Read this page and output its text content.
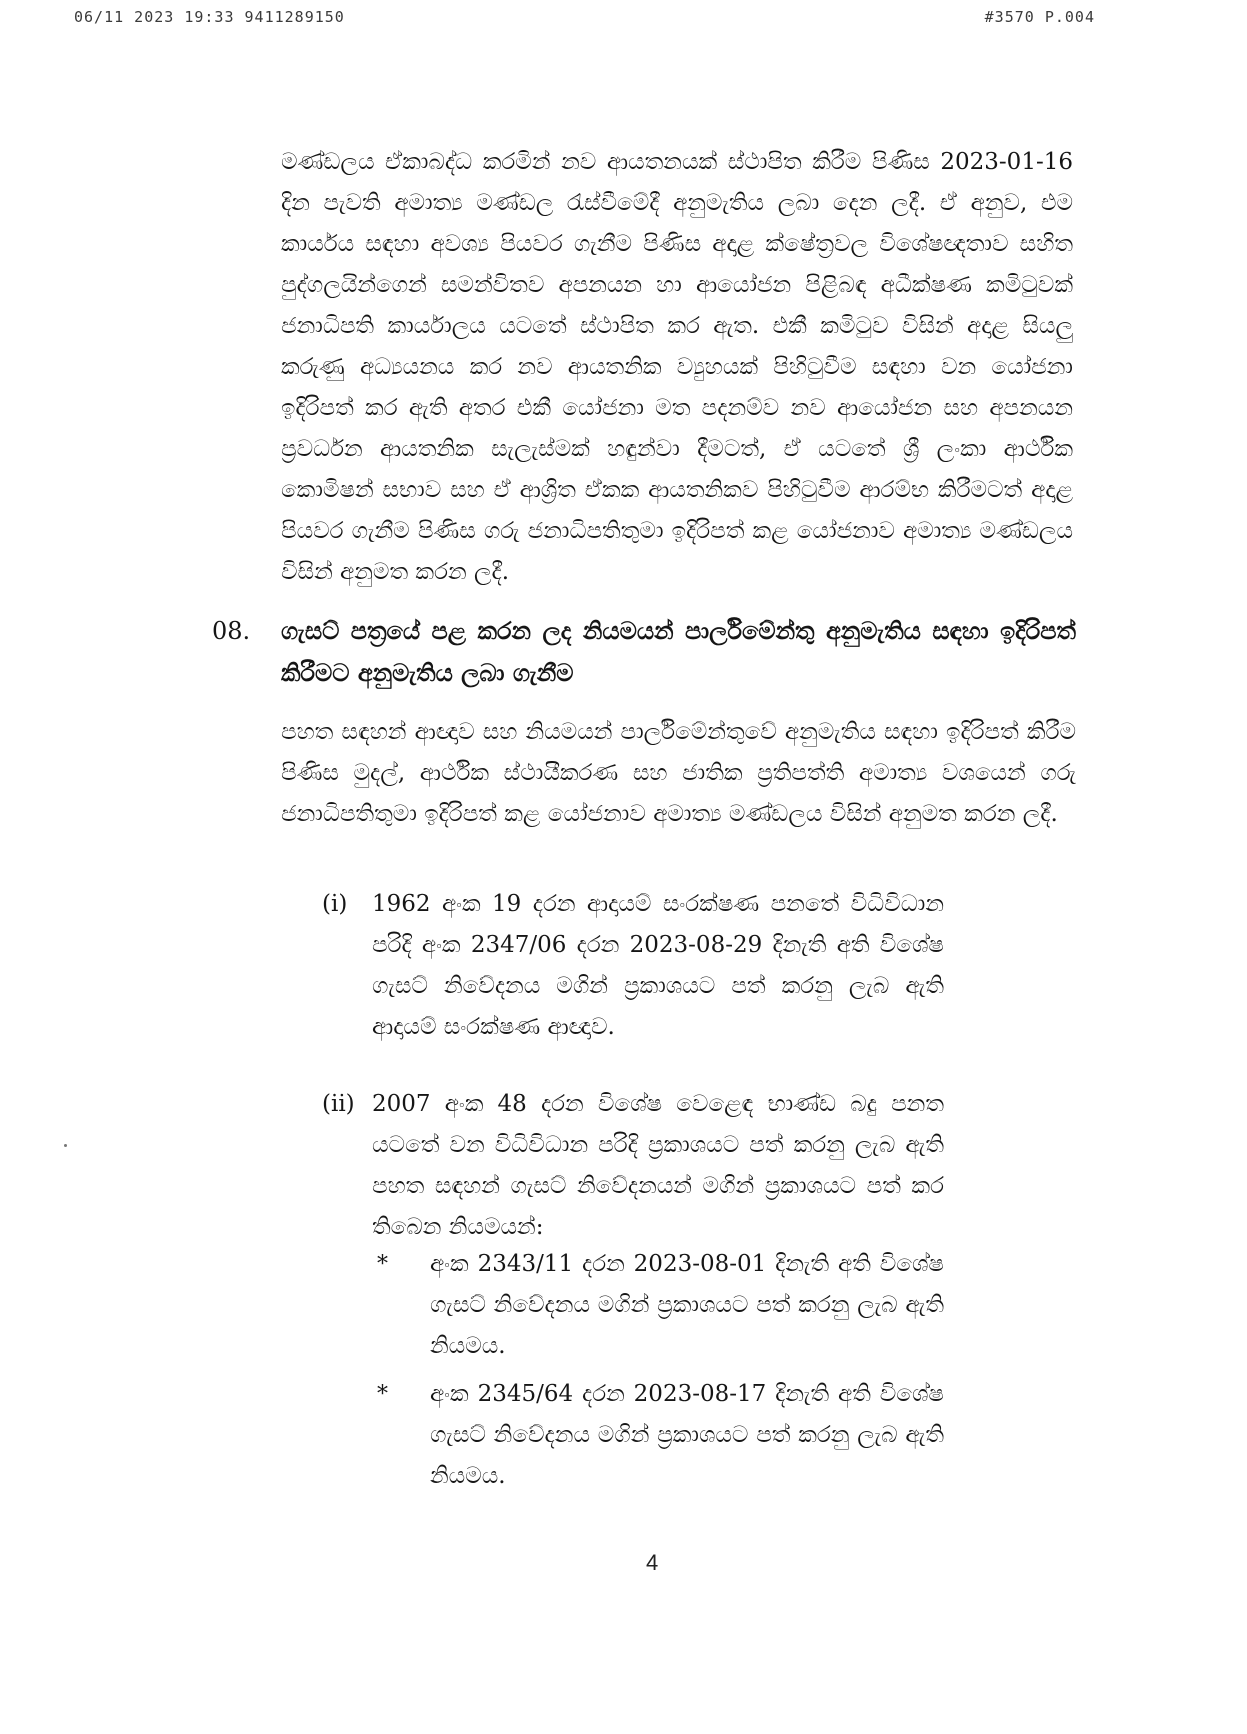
06/11 2023 19:33 9411289150	#3570 P.004

මණ්ඩලය ඒකාබද්ධ කරමින් නව ආයතනයක් ස්ථාපිත කිරීම පිණිස 2023-01-16 දින පැවති අමාත්‍ය මණ්ඩල රැස්වීමේදී අනුමැතිය ලබා දෙන ලදී. ඒ අනුව, එම කාර්යය සඳහා අවශ්‍ය පියවර ගැනීම පිණිස අදාළ ක්ෂේත්‍රවල විශේෂඥතාව සහිත පුද්ගලයින්ගෙන් සමන්විතව අපනයන හා ආයෝජන පිළිබඳ අධීක්ෂණ කමිටුවක් ජනාධිපති කාර්යාලය යටතේ ස්ථාපිත කර ඇත. එකී කමිටුව විසින් අදාළ සියලු කරුණු අධ්‍යයනය කර නව ආයතනික ව්‍යුහයක් පිහිටුවීම සඳහා වන යෝජනා ඉදිරිපත් කර ඇති අතර එකී යෝජනා මත පදනම්ව නව ආයෝජන සහ අපනයන ප්‍රවර්ධන ආයතනික සැලැස්මක් හඳුන්වා දීමටත්, ඒ යටතේ ශ්‍රී ලංකා ආර්ථික කොමිෂන් සභාව සහ ඒ ආශ්‍රිත ඒකක ආයතනිකව පිහිටුවීම ආරම්භ කිරීමටත් අදාළ පියවර ගැනීම පිණිස ගරු ජනාධිපතිතුමා ඉදිරිපත් කළ යෝජනාව අමාත්‍ය මණ්ඩලය විසින් අනුමත කරන ලදී.

08. ගැසට් පත්‍රයේ පළ කරන ලද නියමයන් පාර්ලිමේන්තු අනුමැතිය සඳහා ඉදිරිපත් කිරීමට අනුමැතිය ලබා ගැනීම

පහත සඳහන් ආඥාව සහ නියමයන් පාර්ලිමේන්තුවේ අනුමැතිය සඳහා ඉදිරිපත් කිරීම පිණිස මුදල්, ආර්ථික ස්ථායීකරණ සහ ජාතික ප්‍රතිපත්ති අමාත්‍ය වශයෙන් ගරු ජනාධිපතිතුමා ඉදිරිපත් කළ යෝජනාව අමාත්‍ය මණ්ඩලය විසින් අනුමත කරන ලදී.

(i) 1962 අංක 19 දරන ආදායම් සංරක්ෂණ පනතේ විධිවිධාන පරිදි අංක 2347/06 දරන 2023-08-29 දිනැති අති විශේෂ ගැසට් නිවේදනය මගින් ප්‍රකාශයට පත් කරනු ලැබ ඇති ආදායම් සංරක්ෂණ ආඥාව.

(ii) 2007 අංක 48 දරන විශේෂ වෙළෙඳ භාණ්ඩ බදු පනත යටතේ වන විධිවිධාන පරිදි ප්‍රකාශයට පත් කරනු ලැබ ඇති පහත සඳහන් ගැසට් නිවේදනයන් මගින් ප්‍රකාශයට පත් කර තිබෙන නියමයන්:

* අංක 2343/11 දරන 2023-08-01 දිනැති අති විශේෂ ගැසට් නිවේදනය මගින් ප්‍රකාශයට පත් කරනු ලැබ ඇති නියමය.

* අංක 2345/64 දරන 2023-08-17 දිනැති අති විශේෂ ගැසට් නිවේදනය මගින් ප්‍රකාශයට පත් කරනු ලැබ ඇති නියමය.

4
